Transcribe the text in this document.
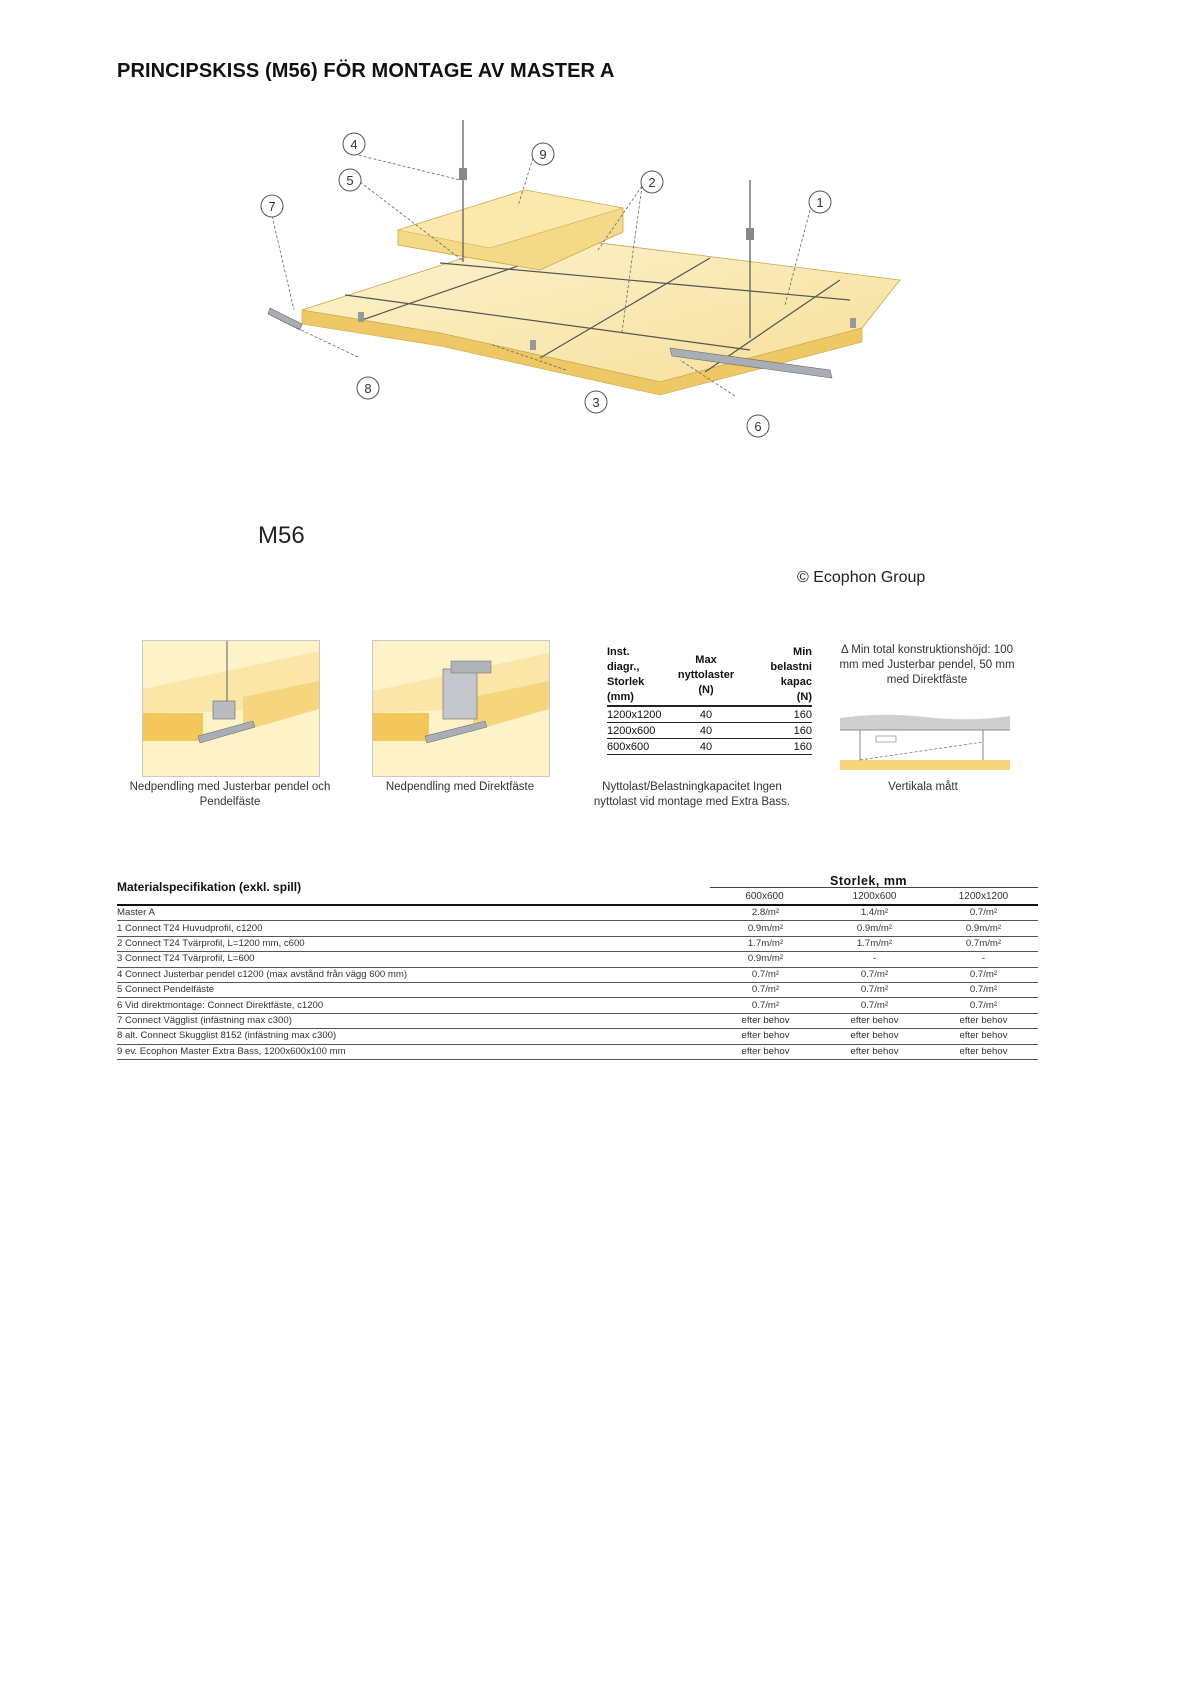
PRINCIPSKISS (M56) FÖR MONTAGE AV MASTER A
4
5
7
9
2
1
8
3
6
M56
© Ecophon Group
Nedpendling med Justerbar pendel och Pendelfäste
Nedpendling med Direktfäste
Inst.
diagr.,
Storlek
(mm)	Max
nyttolaster
(N)	Min
belastni
kapac
(N)
1200x1200	40	160
1200x600	40	160
600x600	40	160
Nyttolast/Belastningkapacitet Ingen nyttolast vid montage med Extra Bass.
Δ Min total konstruktionshöjd: 100 mm med Justerbar pendel, 50 mm med Direktfäste
Vertikala mått
Storlek, mm
Materialspecifikation (exkl. spill)
600x600	1200x600	1200x1200
Master A		2.8/m²	1.4/m²	0.7/m²
1 Connect T24 Huvudprofil, c1200		0.9m/m²	0.9m/m²	0.9m/m²
2 Connect T24 Tvärprofil, L=1200 mm, c600		1.7m/m²	1.7m/m²	0.7m/m²
3 Connect T24 Tvärprofil, L=600		0.9m/m²	-	-
4 Connect Justerbar pendel c1200 (max avstånd från vägg 600 mm)		0.7/m²	0.7/m²	0.7/m²
5 Connect Pendelfäste		0.7/m²	0.7/m²	0.7/m²
6 Vid direktmontage: Connect Direktfäste, c1200		0.7/m²	0.7/m²	0.7/m²
7 Connect Vägglist (infästning max c300)		efter behov	efter behov	efter behov
8 alt. Connect Skugglist 8152 (infästning max c300)		efter behov	efter behov	efter behov
9 ev. Ecophon Master Extra Bass, 1200x600x100 mm		efter behov	efter behov	efter behov
